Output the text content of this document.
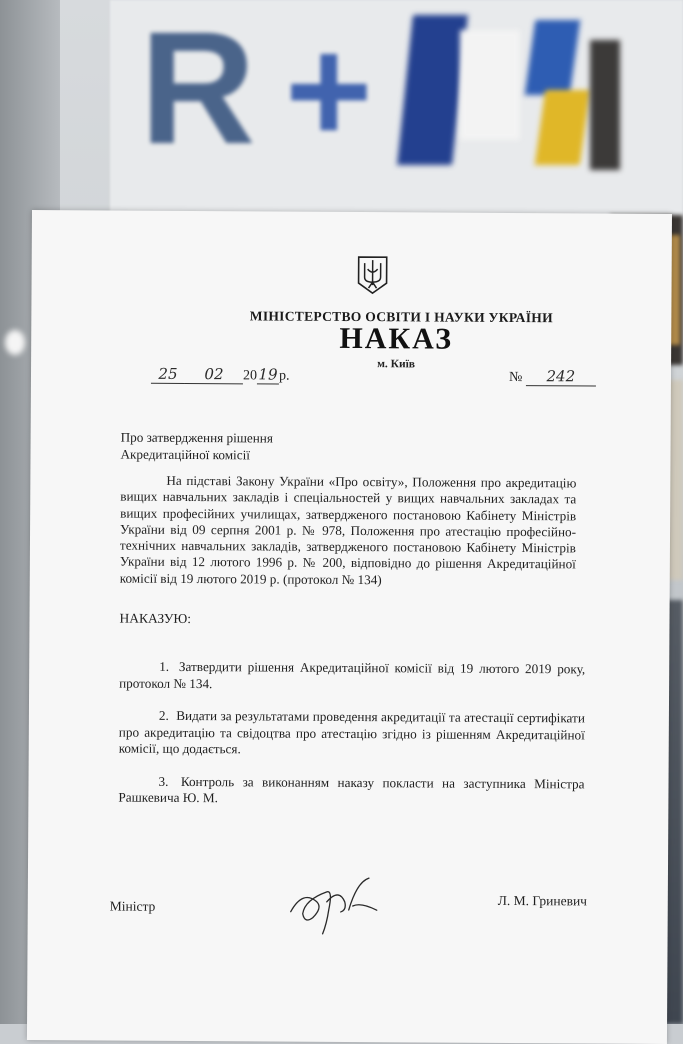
R +
МІНІСТЕРСТВО ОСВІТИ І НАУКИ УКРАЇНИ
НАКАЗ
м. Київ
25 02 2019р.	№ 242
Про затвердження рішення
Акредитаційної комісії
На підставі Закону України «Про освіту», Положення про акредитацію вищих навчальних закладів і спеціальностей у вищих навчальних закладах та вищих професійних училищах, затвердженого постановою Кабінету Міністрів України від 09 серпня 2001 р. № 978, Положення про атестацію професійно-технічних навчальних закладів, затвердженого постановою Кабінету Міністрів України від 12 лютого 1996 р. № 200, відповідно до рішення Акредитаційної комісії від 19 лютого 2019 р. (протокол № 134)
НАКАЗУЮ:
1. Затвердити рішення Акредитаційної комісії від 19 лютого 2019 року, протокол № 134.
2. Видати за результатами проведення акредитації та атестації сертифікати про акредитацію та свідоцтва про атестацію згідно із рішенням Акредитаційної комісії, що додається.
3. Контроль за виконанням наказу покласти на заступника Міністра Рашкевича Ю. М.
Міністр	Л. М. Гриневич
